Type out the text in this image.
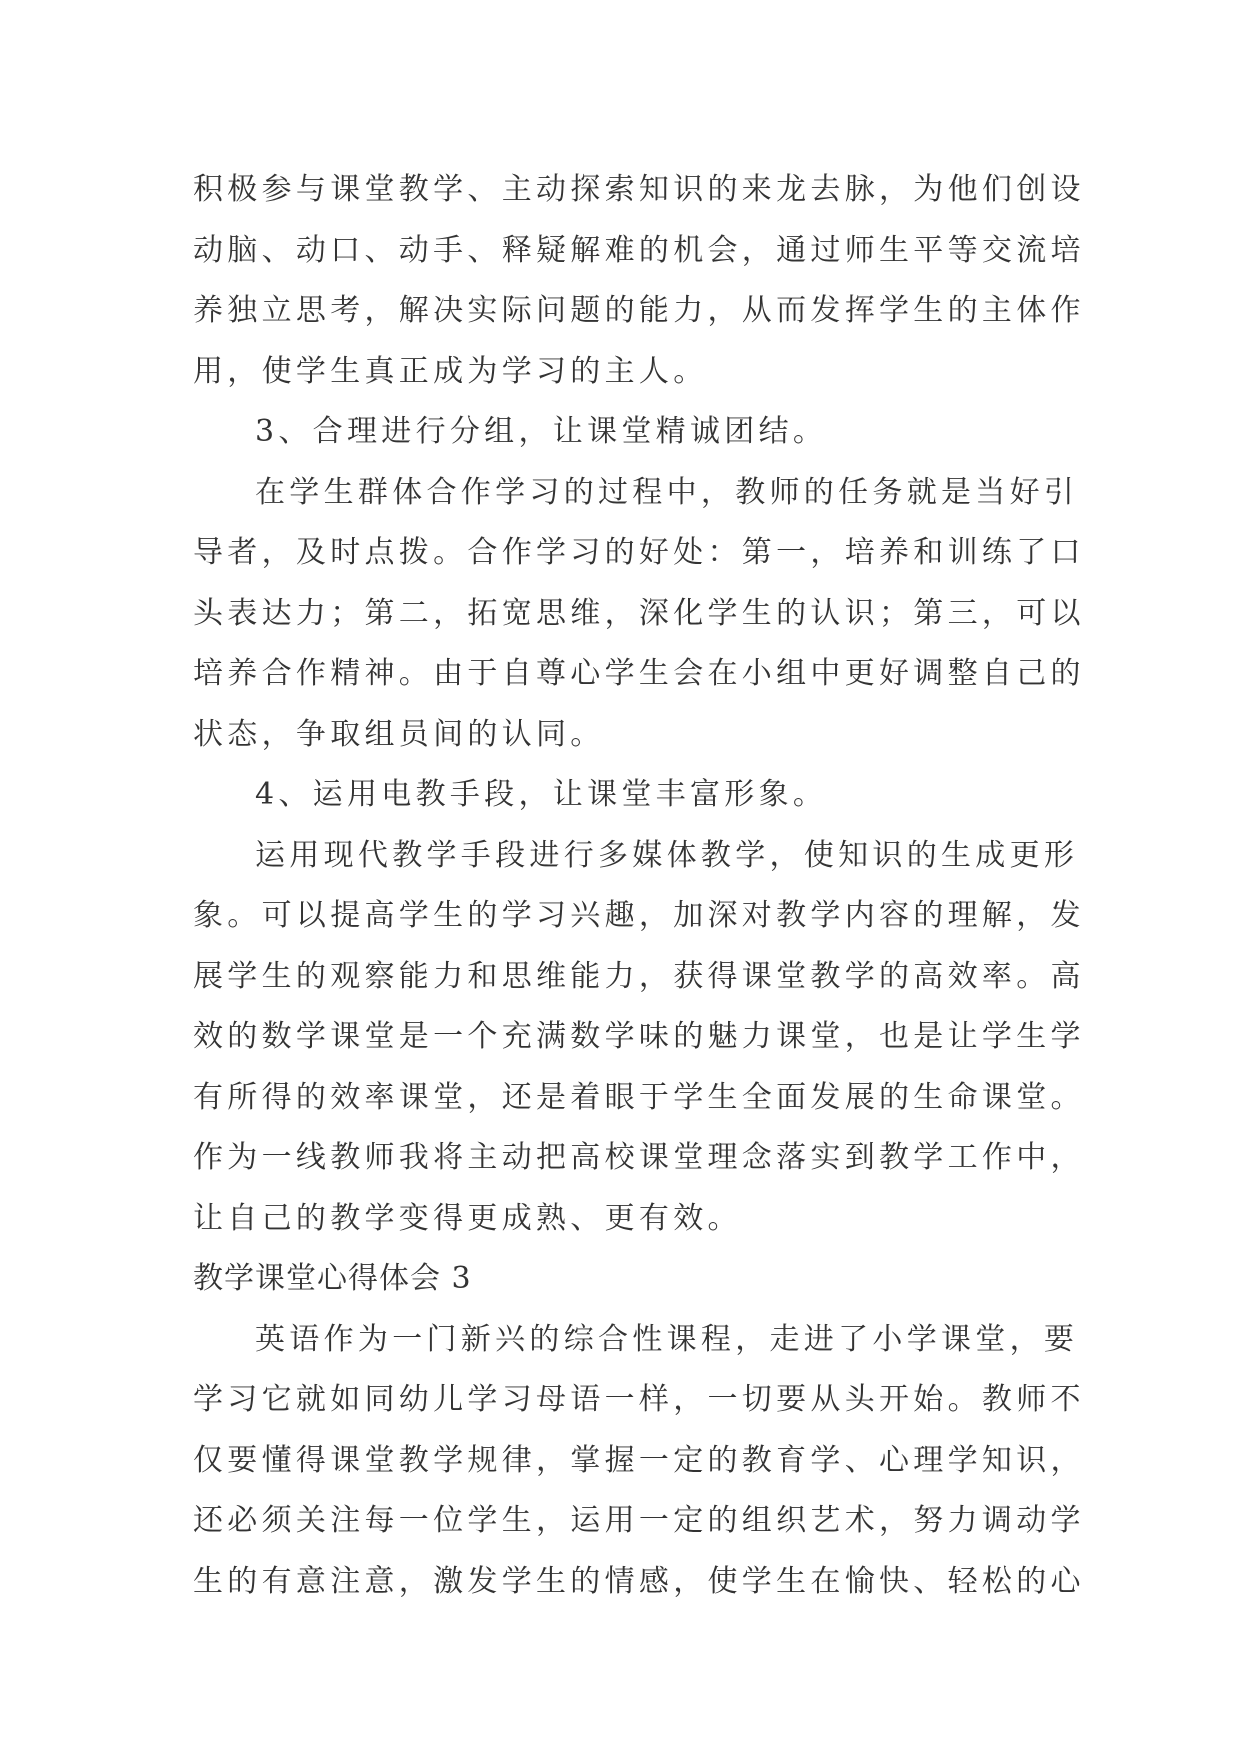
积极参与课堂教学、主动探索知识的来龙去脉，为他们创设
动脑、动口、动手、释疑解难的机会，通过师生平等交流培
养独立思考，解决实际问题的能力，从而发挥学生的主体作
用，使学生真正成为学习的主人。
3、合理进行分组，让课堂精诚团结。
在学生群体合作学习的过程中，教师的任务就是当好引
导者，及时点拨。合作学习的好处：第一，培养和训练了口
头表达力；第二，拓宽思维，深化学生的认识；第三，可以
培养合作精神。由于自尊心学生会在小组中更好调整自己的
状态，争取组员间的认同。
4、运用电教手段，让课堂丰富形象。
运用现代教学手段进行多媒体教学，使知识的生成更形
象。可以提高学生的学习兴趣，加深对教学内容的理解，发
展学生的观察能力和思维能力，获得课堂教学的高效率。高
效的数学课堂是一个充满数学味的魅力课堂，也是让学生学
有所得的效率课堂，还是着眼于学生全面发展的生命课堂。
作为一线教师我将主动把高校课堂理念落实到教学工作中，
让自己的教学变得更成熟、更有效。
教学课堂心得体会 3
英语作为一门新兴的综合性课程，走进了小学课堂，要
学习它就如同幼儿学习母语一样，一切要从头开始。教师不
仅要懂得课堂教学规律，掌握一定的教育学、心理学知识，
还必须关注每一位学生，运用一定的组织艺术，努力调动学
生的有意注意，激发学生的情感，使学生在愉快、轻松的心
